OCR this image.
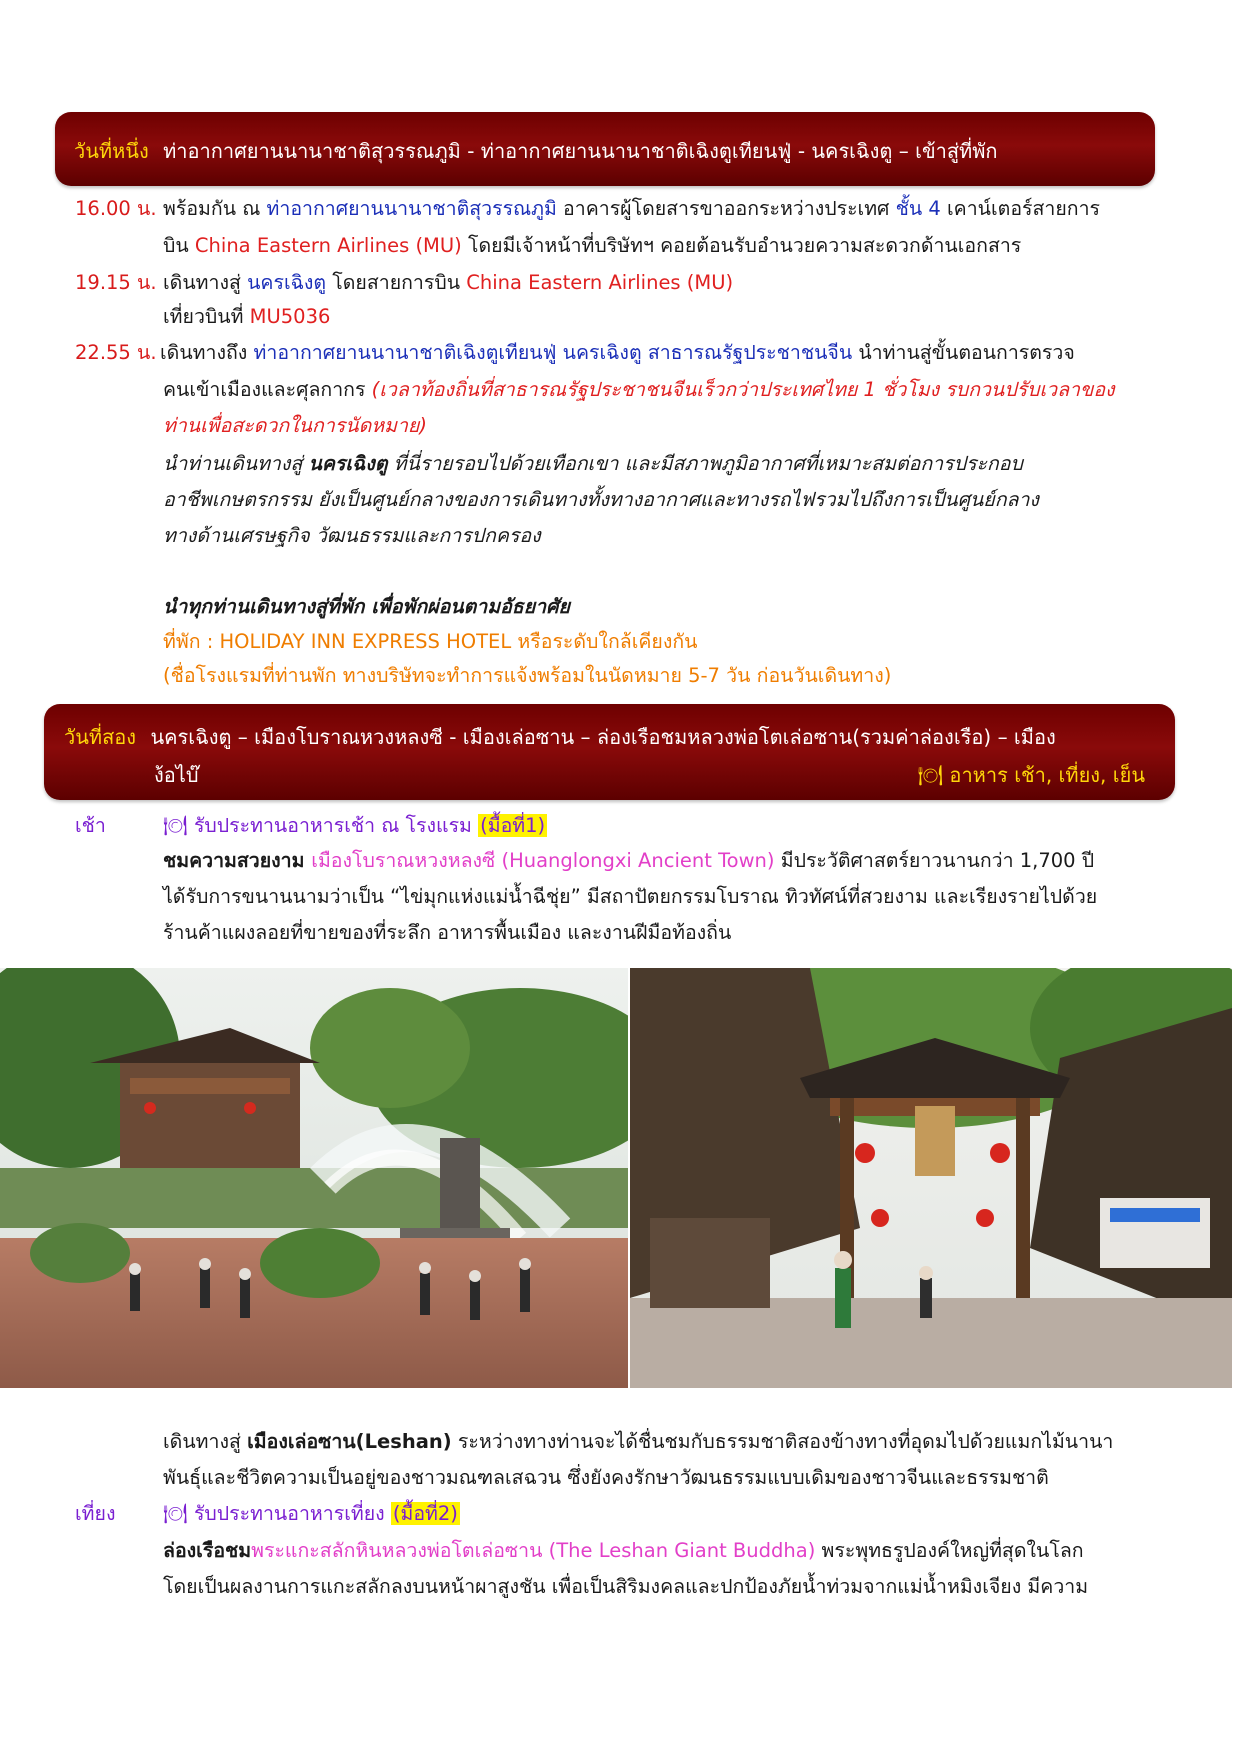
วันที่หนึ่ง ท่าอากาศยานนานาชาติสุวรรณภูมิ - ท่าอากาศยานนานาชาติเฉิงตูเทียนฟู่ - นครเฉิงตู – เข้าสู่ที่พัก
16.00 น. พร้อมกัน ณ ท่าอากาศยานนานาชาติสุวรรณภูมิ อาคารผู้โดยสารขาออกระหว่างประเทศ ชั้น 4 เคาน์เตอร์สายการ
บิน China Eastern Airlines (MU) โดยมีเจ้าหน้าที่บริษัทฯ คอยต้อนรับอำนวยความสะดวกด้านเอกสาร
19.15 น. เดินทางสู่ นครเฉิงตู โดยสายการบิน China Eastern Airlines (MU)
เที่ยวบินที่ MU5036
22.55 น. เดินทางถึง ท่าอากาศยานนานาชาติเฉิงตูเทียนฟู่ นครเฉิงตู สาธารณรัฐประชาชนจีน นำท่านสู่ขั้นตอนการตรวจ
คนเข้าเมืองและศุลกากร (เวลาท้องถิ่นที่สาธารณรัฐประชาชนจีนเร็วกว่าประเทศไทย 1 ชั่วโมง รบกวนปรับเวลาของ
ท่านเพื่อสะดวกในการนัดหมาย)
นำท่านเดินทางสู่ นครเฉิงตู ที่นี่รายรอบไปด้วยเทือกเขา และมีสภาพภูมิอากาศที่เหมาะสมต่อการประกอบ
อาชีพเกษตรกรรม ยังเป็นศูนย์กลางของการเดินทางทั้งทางอากาศและทางรถไฟรวมไปถึงการเป็นศูนย์กลาง
ทางด้านเศรษฐกิจ วัฒนธรรมและการปกครอง
นำทุกท่านเดินทางสู่ที่พัก เพื่อพักผ่อนตามอัธยาศัย
ที่พัก : HOLIDAY INN EXPRESS HOTEL หรือระดับใกล้เคียงกัน
(ชื่อโรงแรมที่ท่านพัก ทางบริษัทจะทำการแจ้งพร้อมในนัดหมาย 5-7 วัน ก่อนวันเดินทาง)
วันที่สอง นครเฉิงตู – เมืองโบราณหวงหลงซี - เมืองเล่อซาน – ล่องเรือชมหลวงพ่อโตเล่อซาน(รวมค่าล่องเรือ) – เมือง
ง้อไบ๊	🍽 อาหาร เช้า, เที่ยง, เย็น
เช้า	🍽 รับประทานอาหารเช้า ณ โรงแรม (มื้อที่1)
ชมความสวยงาม เมืองโบราณหวงหลงซี (Huanglongxi Ancient Town) มีประวัติศาสตร์ยาวนานกว่า 1,700 ปี
ได้รับการขนานนามว่าเป็น “ไข่มุกแห่งแม่น้ำฉีชุ่ย” มีสถาปัตยกรรมโบราณ ทิวทัศน์ที่สวยงาม และเรียงรายไปด้วย
ร้านค้าแผงลอยที่ขายของที่ระลึก อาหารพื้นเมือง และงานฝีมือท้องถิ่น
เดินทางสู่ เมืองเล่อซาน(Leshan) ระหว่างทางท่านจะได้ชื่นชมกับธรรมชาติสองข้างทางที่อุดมไปด้วยแมกไม้นานา
พันธุ์และชีวิตความเป็นอยู่ของชาวมณฑลเสฉวน ซึ่งยังคงรักษาวัฒนธรรมแบบเดิมของชาวจีนและธรรมชาติ
เที่ยง 🍽 รับประทานอาหารเที่ยง (มื้อที่2)
ล่องเรือชมพระแกะสลักหินหลวงพ่อโตเล่อซาน (The Leshan Giant Buddha) พระพุทธรูปองค์ใหญ่ที่สุดในโลก
โดยเป็นผลงานการแกะสลักลงบนหน้าผาสูงชัน เพื่อเป็นสิริมงคลและปกป้องภัยน้ำท่วมจากแม่น้ำหมิงเจียง มีความ
